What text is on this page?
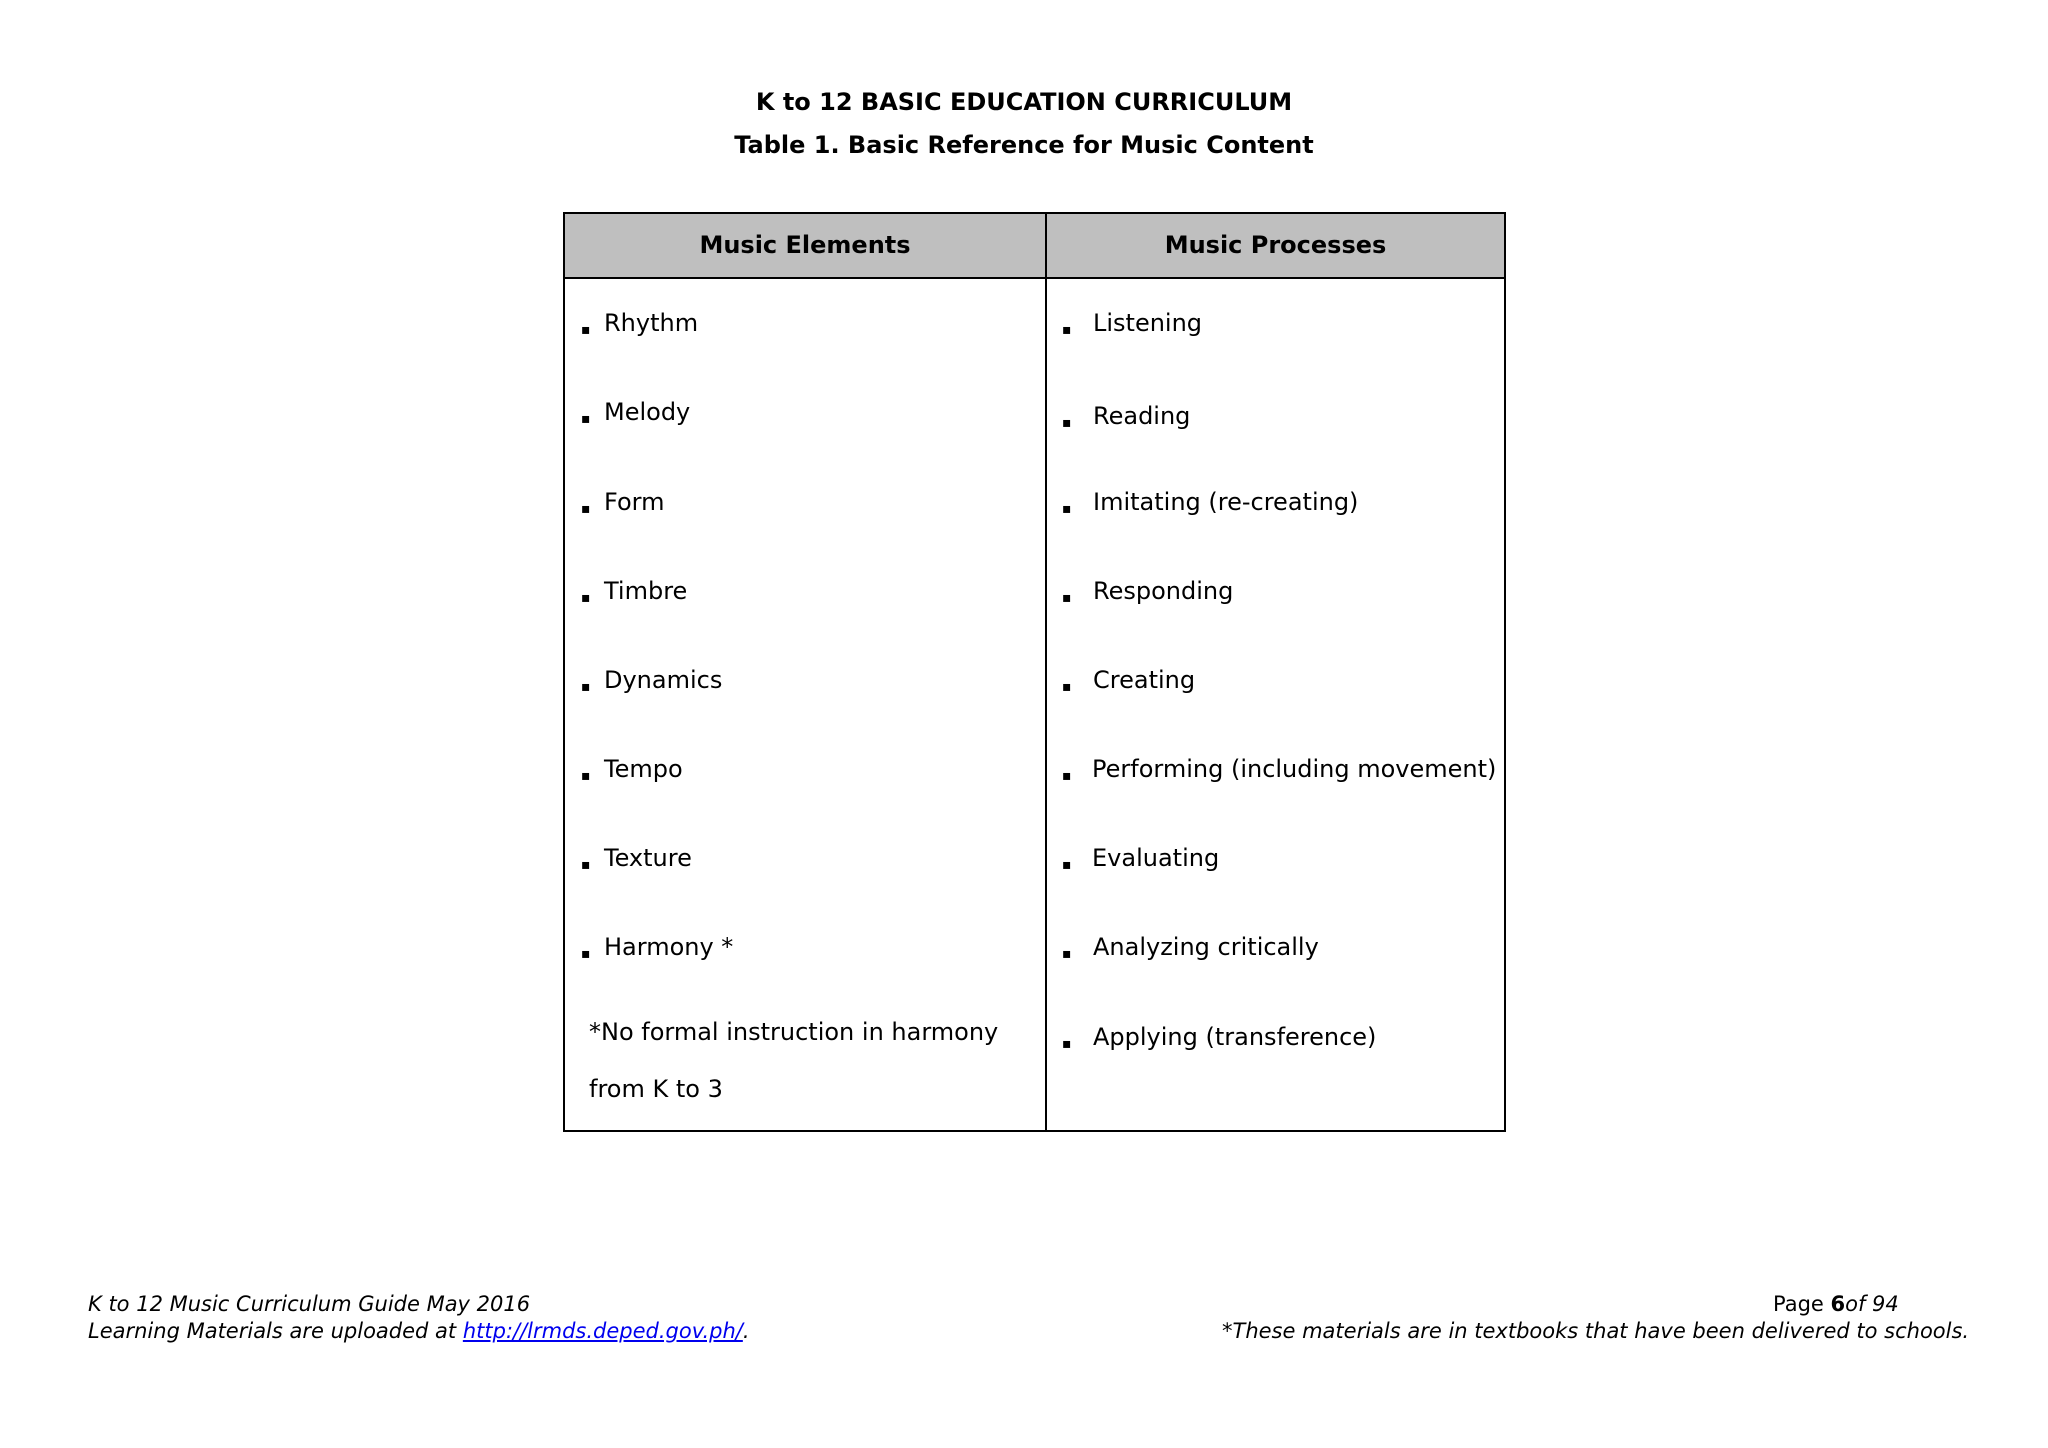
K to 12 BASIC EDUCATION CURRICULUM
Table 1. Basic Reference for Music Content
Music Elements	Music Processes
▪ Rhythm
▪ Melody
▪ Form
▪ Timbre
▪ Dynamics
▪ Tempo
▪ Texture
▪ Harmony *
*No formal instruction in harmony
from K to 3
▪ Listening
▪ Reading
▪ Imitating (re-creating)
▪ Responding
▪ Creating
▪ Performing (including movement)
▪ Evaluating
▪ Analyzing critically
▪ Applying (transference)
K to 12 Music Curriculum Guide May 2016
Learning Materials are uploaded at http://lrmds.deped.gov.ph/.
Page 6of 94
*These materials are in textbooks that have been delivered to schools.
